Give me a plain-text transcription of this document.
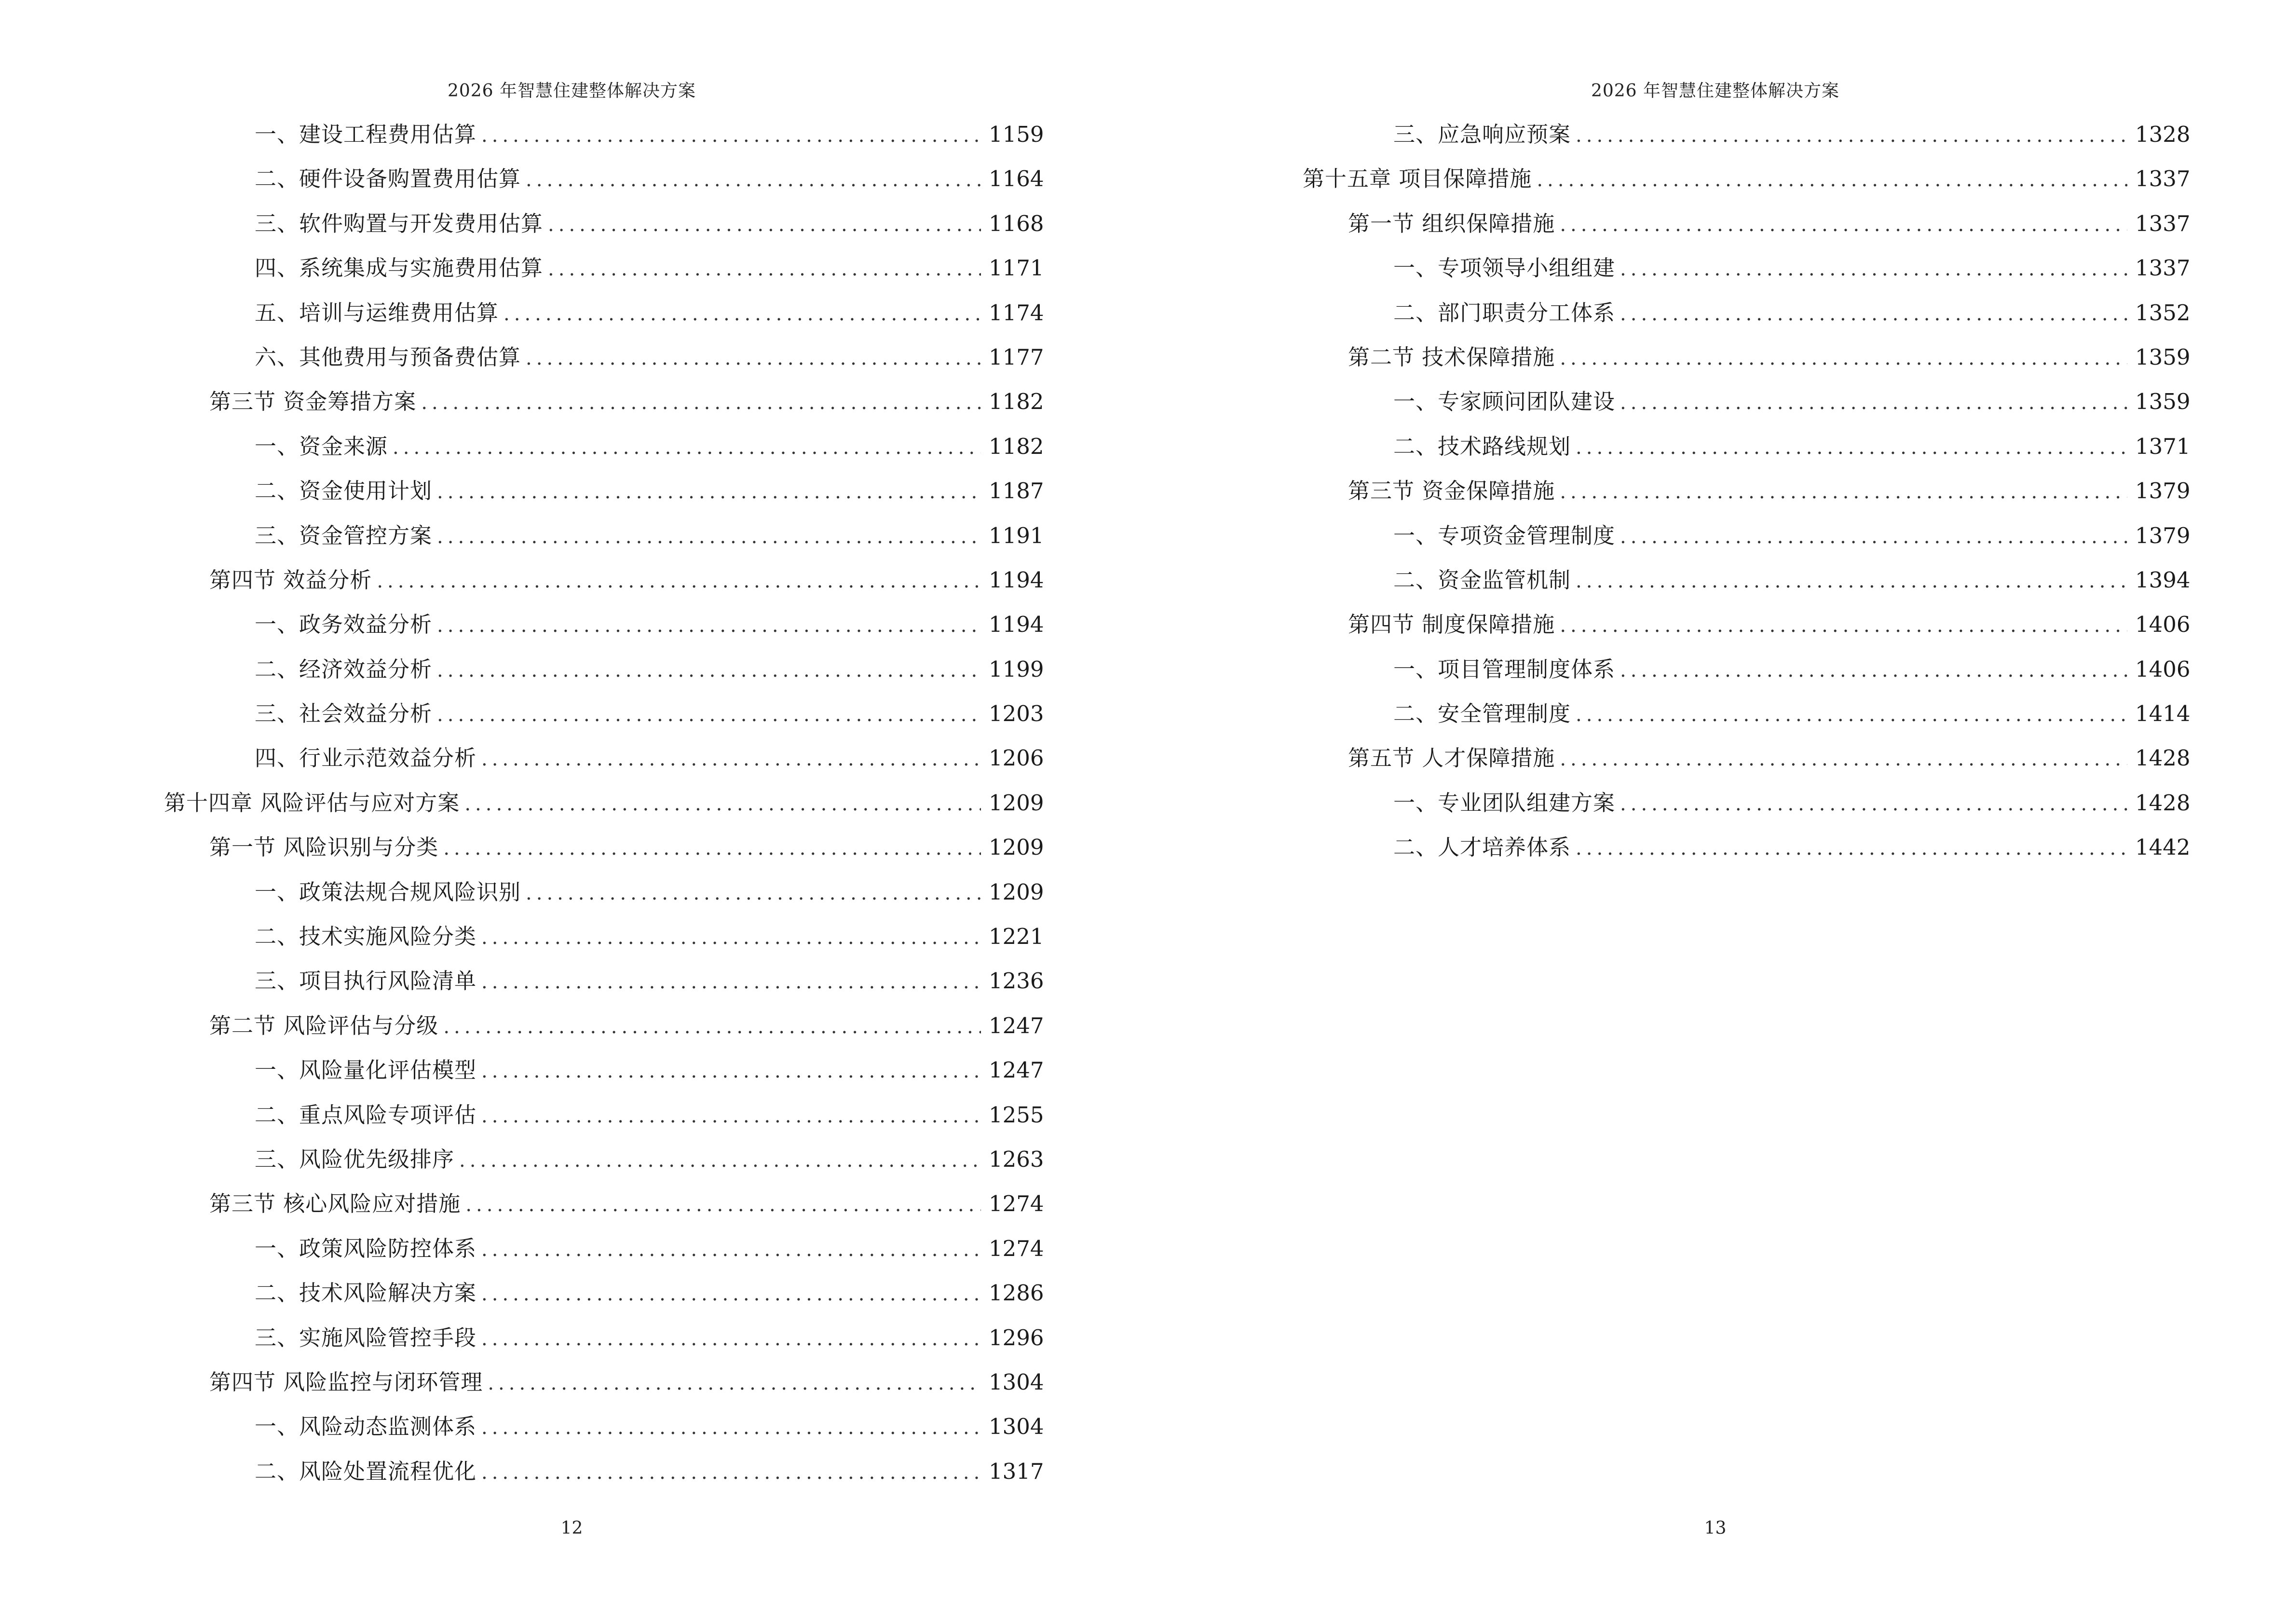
2026 年智慧住建整体解决方案
一、建设工程费用估算 .....	1159
二、硬件设备购置费用估算 .....	1164
三、软件购置与开发费用估算 .....	1168
四、系统集成与实施费用估算 .....	1171
五、培训与运维费用估算 .....	1174
六、其他费用与预备费估算 .....	1177
第三节 资金筹措方案 .....	1182
一、资金来源 .....	1182
二、资金使用计划 .....	1187
三、资金管控方案 .....	1191
第四节 效益分析 .....	1194
一、政务效益分析 .....	1194
二、经济效益分析 .....	1199
三、社会效益分析 .....	1203
四、行业示范效益分析 .....	1206
第十四章 风险评估与应对方案 .....	1209
第一节 风险识别与分类 .....	1209
一、政策法规合规风险识别 .....	1209
二、技术实施风险分类 .....	1221
三、项目执行风险清单 .....	1236
第二节 风险评估与分级 .....	1247
一、风险量化评估模型 .....	1247
二、重点风险专项评估 .....	1255
三、风险优先级排序 .....	1263
第三节 核心风险应对措施 .....	1274
一、政策风险防控体系 .....	1274
二、技术风险解决方案 .....	1286
三、实施风险管控手段 .....	1296
第四节 风险监控与闭环管理 .....	1304
一、风险动态监测体系 .....	1304
二、风险处置流程优化 .....	1317
12
2026 年智慧住建整体解决方案
三、应急响应预案 .....	1328
第十五章 项目保障措施 .....	1337
第一节 组织保障措施 .....	1337
一、专项领导小组组建 .....	1337
二、部门职责分工体系 .....	1352
第二节 技术保障措施 .....	1359
一、专家顾问团队建设 .....	1359
二、技术路线规划 .....	1371
第三节 资金保障措施 .....	1379
一、专项资金管理制度 .....	1379
二、资金监管机制 .....	1394
第四节 制度保障措施 .....	1406
一、项目管理制度体系 .....	1406
二、安全管理制度 .....	1414
第五节 人才保障措施 .....	1428
一、专业团队组建方案 .....	1428
二、人才培养体系 .....	1442
13
